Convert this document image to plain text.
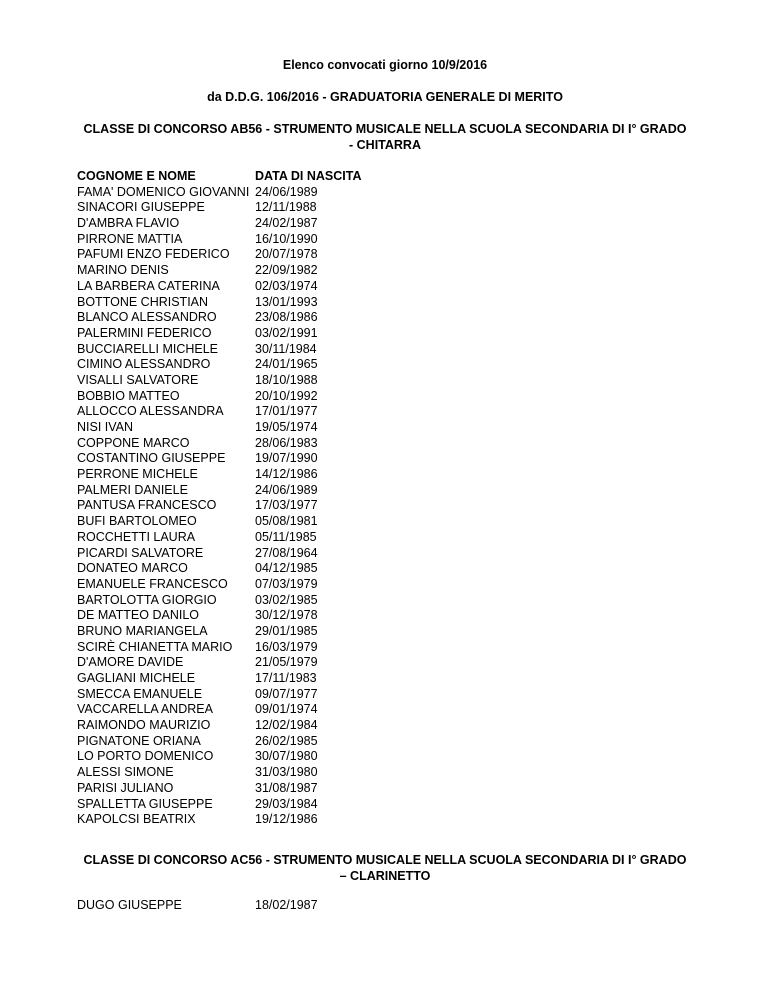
Elenco convocati giorno 10/9/2016
da D.D.G. 106/2016 - GRADUATORIA GENERALE DI MERITO
CLASSE DI CONCORSO AB56 - STRUMENTO MUSICALE NELLA SCUOLA SECONDARIA DI I° GRADO - CHITARRA
COGNOME E NOME	DATA DI NASCITA
FAMA' DOMENICO GIOVANNI 24/06/1989
SINACORI GIUSEPPE	12/11/1988
D'AMBRA FLAVIO	24/02/1987
PIRRONE MATTIA	16/10/1990
PAFUMI ENZO FEDERICO	20/07/1978
MARINO DENIS	22/09/1982
LA BARBERA CATERINA	02/03/1974
BOTTONE CHRISTIAN	13/01/1993
BLANCO ALESSANDRO	23/08/1986
PALERMINI FEDERICO	03/02/1991
BUCCIARELLI MICHELE	30/11/1984
CIMINO ALESSANDRO	24/01/1965
VISALLI SALVATORE	18/10/1988
BOBBIO MATTEO	20/10/1992
ALLOCCO ALESSANDRA	17/01/1977
NISI IVAN	19/05/1974
COPPONE MARCO	28/06/1983
COSTANTINO GIUSEPPE	19/07/1990
PERRONE MICHELE	14/12/1986
PALMERI DANIELE	24/06/1989
PANTUSA FRANCESCO	17/03/1977
BUFI BARTOLOMEO	05/08/1981
ROCCHETTI LAURA	05/11/1985
PICARDI SALVATORE	27/08/1964
DONATEO MARCO	04/12/1985
EMANUELE FRANCESCO	07/03/1979
BARTOLOTTA GIORGIO	03/02/1985
DE MATTEO DANILO	30/12/1978
BRUNO MARIANGELA	29/01/1985
SCIRÈ CHIANETTA MARIO	16/03/1979
D'AMORE DAVIDE	21/05/1979
GAGLIANI MICHELE	17/11/1983
SMECCA EMANUELE	09/07/1977
VACCARELLA ANDREA	09/01/1974
RAIMONDO MAURIZIO	12/02/1984
PIGNATONE ORIANA	26/02/1985
LO PORTO DOMENICO	30/07/1980
ALESSI SIMONE	31/03/1980
PARISI JULIANO	31/08/1987
SPALLETTA GIUSEPPE	29/03/1984
KAPOLCSI BEATRIX	19/12/1986
CLASSE DI CONCORSO AC56 - STRUMENTO MUSICALE NELLA SCUOLA SECONDARIA DI I° GRADO – CLARINETTO
DUGO GIUSEPPE	18/02/1987
